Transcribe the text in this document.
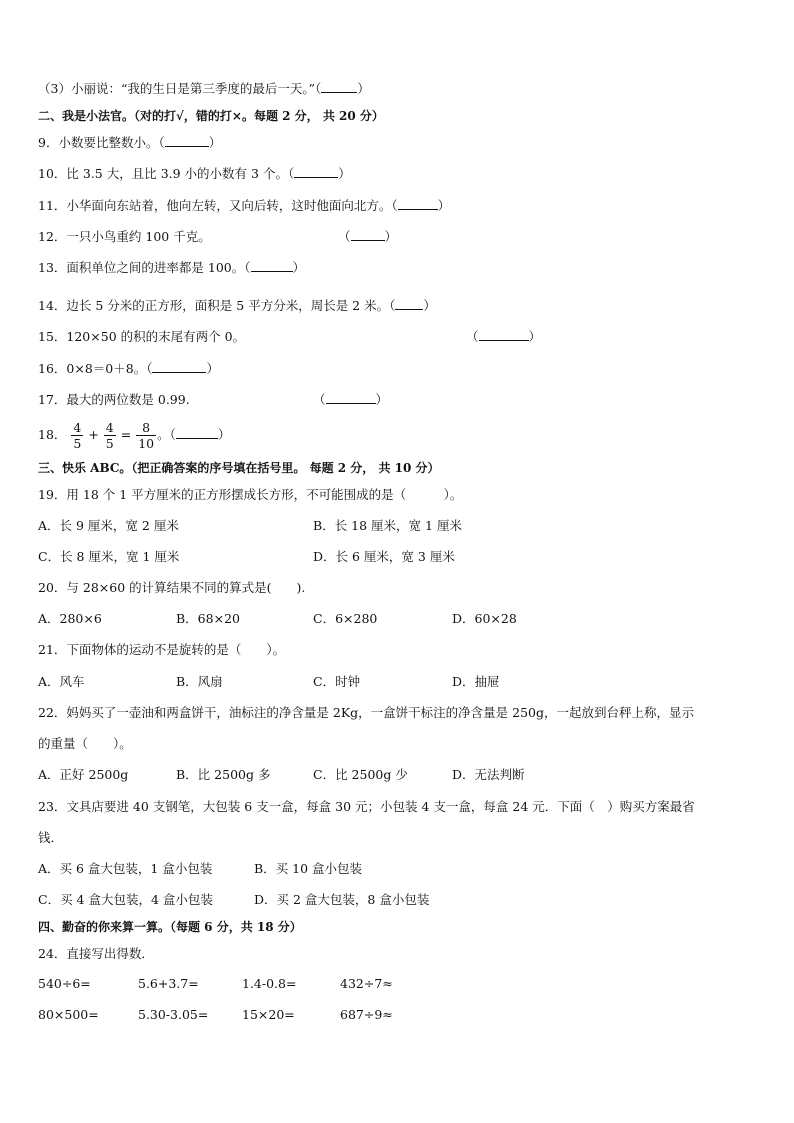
（3）小丽说：“我的生日是第三季度的最后一天。”（	）
二、我是小法官。（对的打√，错的打×。每题 2 分， 共 20 分）
9．小数要比整数小。（	）
10．比 3.5 大，且比 3.9 小的小数有 3 个。（	）
11．小华面向东站着，他向左转，又向后转，这时他面向北方。（	）
12．一只小鸟重约 100 千克。	（	）
13．面积单位之间的进率都是 100。（	）
14．边长 5 分米的正方形，面积是 5 平方分米，周长是 2 米。（ ）
15．120×50 的积的末尾有两个 0。	（	）
16．0×8＝0＋8。（	）
17．最大的两位数是 0.99.	（	）
18． $\frac{4}{5} + \frac{4}{5} = \frac{8}{10}$ 。（	）
三、快乐 ABC。（把正确答案的序号填在括号里。 每题 2 分， 共 10 分）
19．用 18 个 1 平方厘米的正方形摆成长方形，不可能围成的是（　　　）。
A．长 9 厘米，宽 2 厘米	B．长 18 厘米，宽 1 厘米
C．长 8 厘米，宽 1 厘米	D．长 6 厘米，宽 3 厘米
20．与 28×60 的计算结果不同的算式是(　　).
A．280×6	B．68×20	C．6×280	D．60×28
21．下面物体的运动不是旋转的是（　　）。
A．风车	B．风扇	C．时钟	D．抽屉
22．妈妈买了一壶油和两盒饼干，油标注的净含量是 2Kg，一盒饼干标注的净含量是 250g，一起放到台秤上称，显示
的重量（　　）。
A．正好 2500g	B．比 2500g 多	C．比 2500g 少	D．无法判断
23．文具店要进 40 支钢笔，大包装 6 支一盒，每盒 30 元；小包装 4 支一盒，每盒 24 元．下面（　）购买方案最省
钱．
A．买 6 盒大包装，1 盒小包装	B．买 10 盒小包装
C．买 4 盒大包装，4 盒小包装	D．买 2 盒大包装，8 盒小包装
四、勤奋的你来算一算。（每题 6 分，共 18 分）
24．直接写出得数．
540÷6=	5.6+3.7=	1.4-0.8=	432÷7≈
80×500=	5.30-3.05=	15×20=	687÷9≈
